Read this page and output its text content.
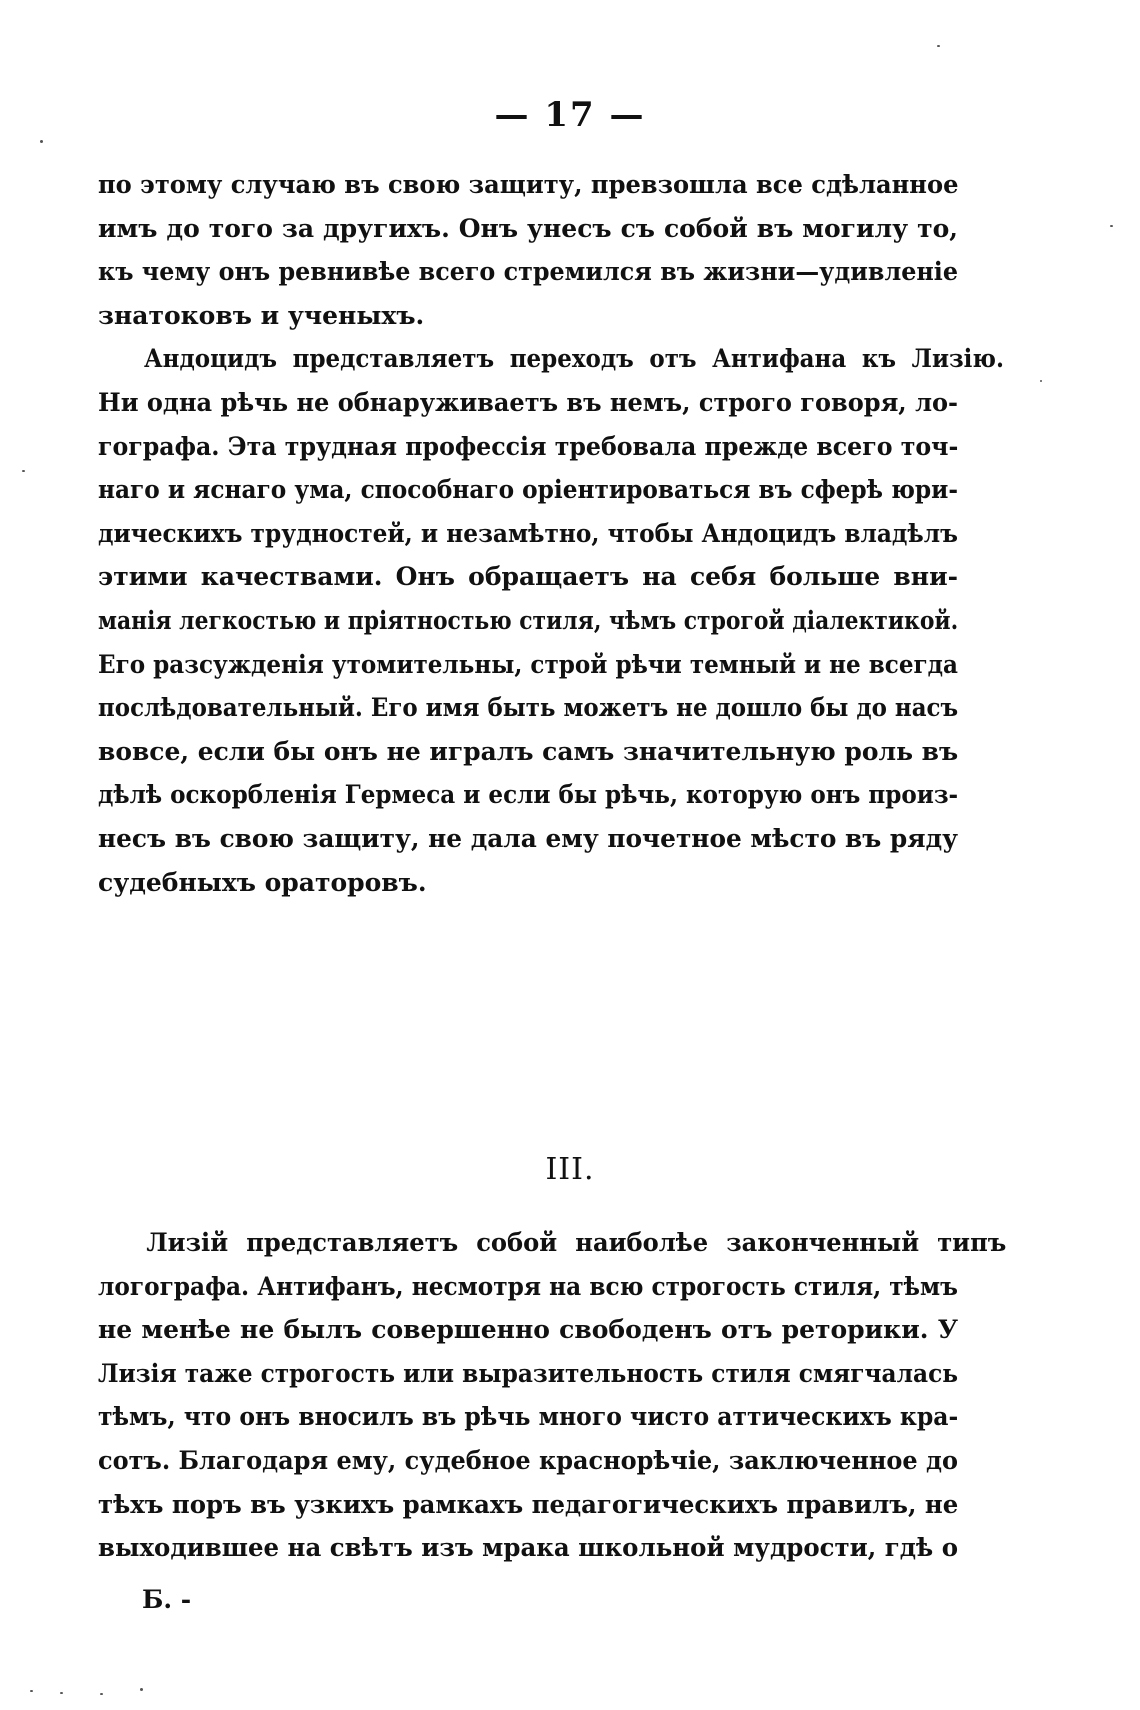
— 17 —
по этому случаю въ свою защиту, превзошла все сдѣланное
имъ до того за другихъ. Онъ унесъ съ собой въ могилу то,
къ чему онъ ревнивѣе всего стремился въ жизни—удивленіе
знатоковъ и ученыхъ.
Андоцидъ представляетъ переходъ отъ Антифана къ Лизію.
Ни одна рѣчь не обнаруживаетъ въ немъ, строго говоря, ло-
гографа. Эта трудная профессія требовала прежде всего точ-
наго и яснаго ума, способнаго оріентироваться въ сферѣ юри-
дическихъ трудностей, и незамѣтно, чтобы Андоцидъ владѣлъ
этими качествами. Онъ обращаетъ на себя больше вни-
манія легкостью и пріятностью стиля, чѣмъ строгой діалектикой.
Его разсужденія утомительны, строй рѣчи темный и не всегда
послѣдовательный. Его имя быть можетъ не дошло бы до насъ
вовсе, если бы онъ не игралъ самъ значительную роль въ
дѣлѣ оскорбленія Гермеса и если бы рѣчь, которую онъ произ-
несъ въ свою защиту, не дала ему почетное мѣсто въ ряду
судебныхъ ораторовъ.
III.
Лизій представляетъ собой наиболѣе законченный типъ
логографа. Антифанъ, несмотря на всю строгость стиля, тѣмъ
не менѣе не былъ совершенно свободенъ отъ реторики. У
Лизія таже строгость или выразительность стиля смягчалась
тѣмъ, что онъ вносилъ въ рѣчь много чисто аттическихъ кра-
сотъ. Благодаря ему, судебное краснорѣчіе, заключенное до
тѣхъ поръ въ узкихъ рамкахъ педагогическихъ правилъ, не
выходившее на свѣтъ изъ мрака школьной мудрости, гдѣ о
Б. -
